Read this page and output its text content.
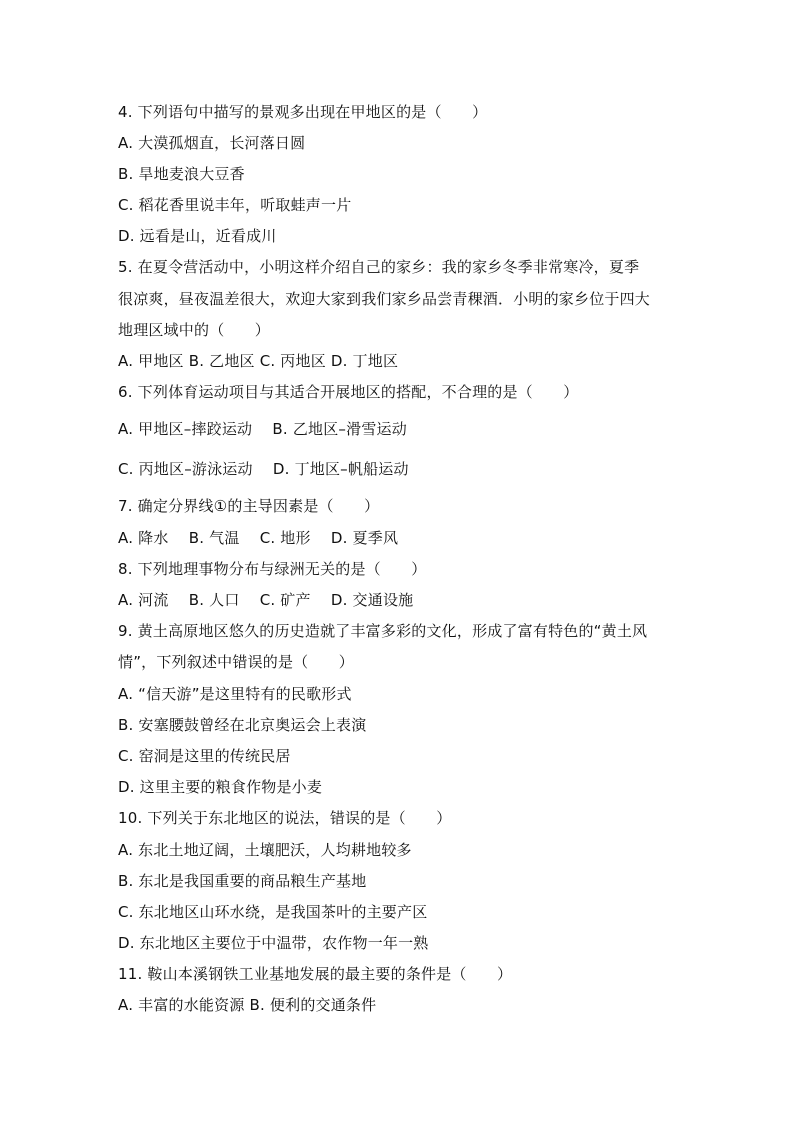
4. 下列语句中描写的景观多出现在甲地区的是（　　）
A. 大漠孤烟直，长河落日圆
B. 旱地麦浪大豆香
C. 稻花香里说丰年，听取蛙声一片
D. 远看是山，近看成川
5. 在夏令营活动中，小明这样介绍自己的家乡：我的家乡冬季非常寒冷，夏季
很凉爽，昼夜温差很大，欢迎大家到我们家乡品尝青稞酒．小明的家乡位于四大
地理区域中的（　　）
A. 甲地区 B. 乙地区 C. 丙地区 D. 丁地区
6. 下列体育运动项目与其适合开展地区的搭配，不合理的是（　　）
A. 甲地区–摔跤运动　 B. 乙地区–滑雪运动
C. 丙地区–游泳运动　 D. 丁地区–帆船运动
7. 确定分界线①的主导因素是（　　）
A. 降水　 B. 气温　 C. 地形　 D. 夏季风
8. 下列地理事物分布与绿洲无关的是（　　）
A. 河流　 B. 人口　 C. 矿产　 D. 交通设施
9. 黄土高原地区悠久的历史造就了丰富多彩的文化，形成了富有特色的“黄土风
情”，下列叙述中错误的是（　　）
A. “信天游”是这里特有的民歌形式
B. 安塞腰鼓曾经在北京奥运会上表演
C. 窑洞是这里的传统民居
D. 这里主要的粮食作物是小麦
10. 下列关于东北地区的说法，错误的是（　　）
A. 东北土地辽阔，土壤肥沃，人均耕地较多
B. 东北是我国重要的商品粮生产基地
C. 东北地区山环水绕，是我国茶叶的主要产区
D. 东北地区主要位于中温带，农作物一年一熟
11. 鞍山本溪钢铁工业基地发展的最主要的条件是（　　）
A. 丰富的水能资源 B. 便利的交通条件
